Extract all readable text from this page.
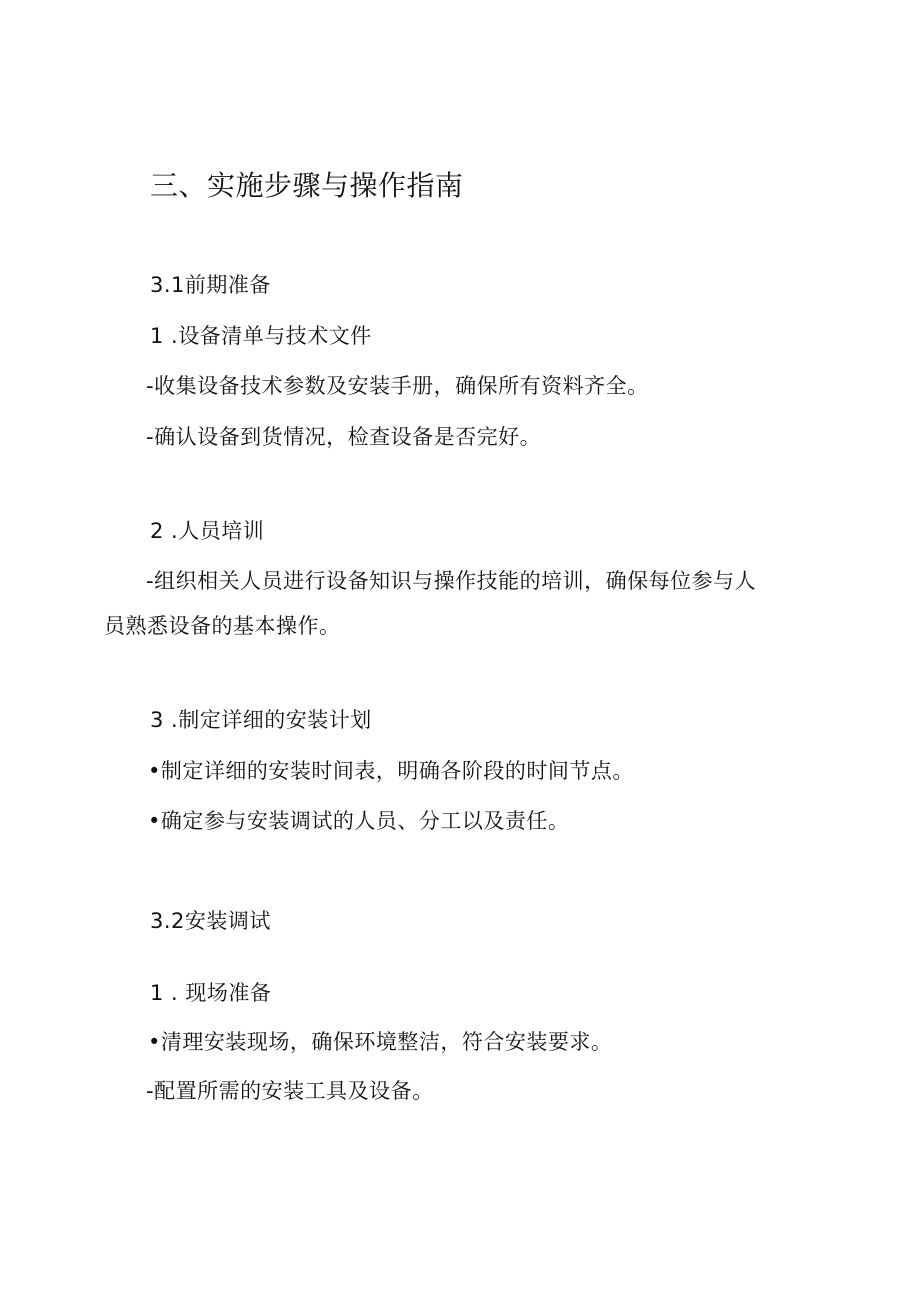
三、实施步骤与操作指南
3.1前期准备
1 .设备清单与技术文件
-收集设备技术参数及安装手册，确保所有资料齐全。
-确认设备到货情况，检查设备是否完好。
2 .人员培训
-组织相关人员进行设备知识与操作技能的培训，确保每位参与人
员熟悉设备的基本操作。
3 .制定详细的安装计划
•制定详细的安装时间表，明确各阶段的时间节点。
•确定参与安装调试的人员、分工以及责任。
3.2安装调试
1 . 现场准备
•清理安装现场，确保环境整洁，符合安装要求。
-配置所需的安装工具及设备。
